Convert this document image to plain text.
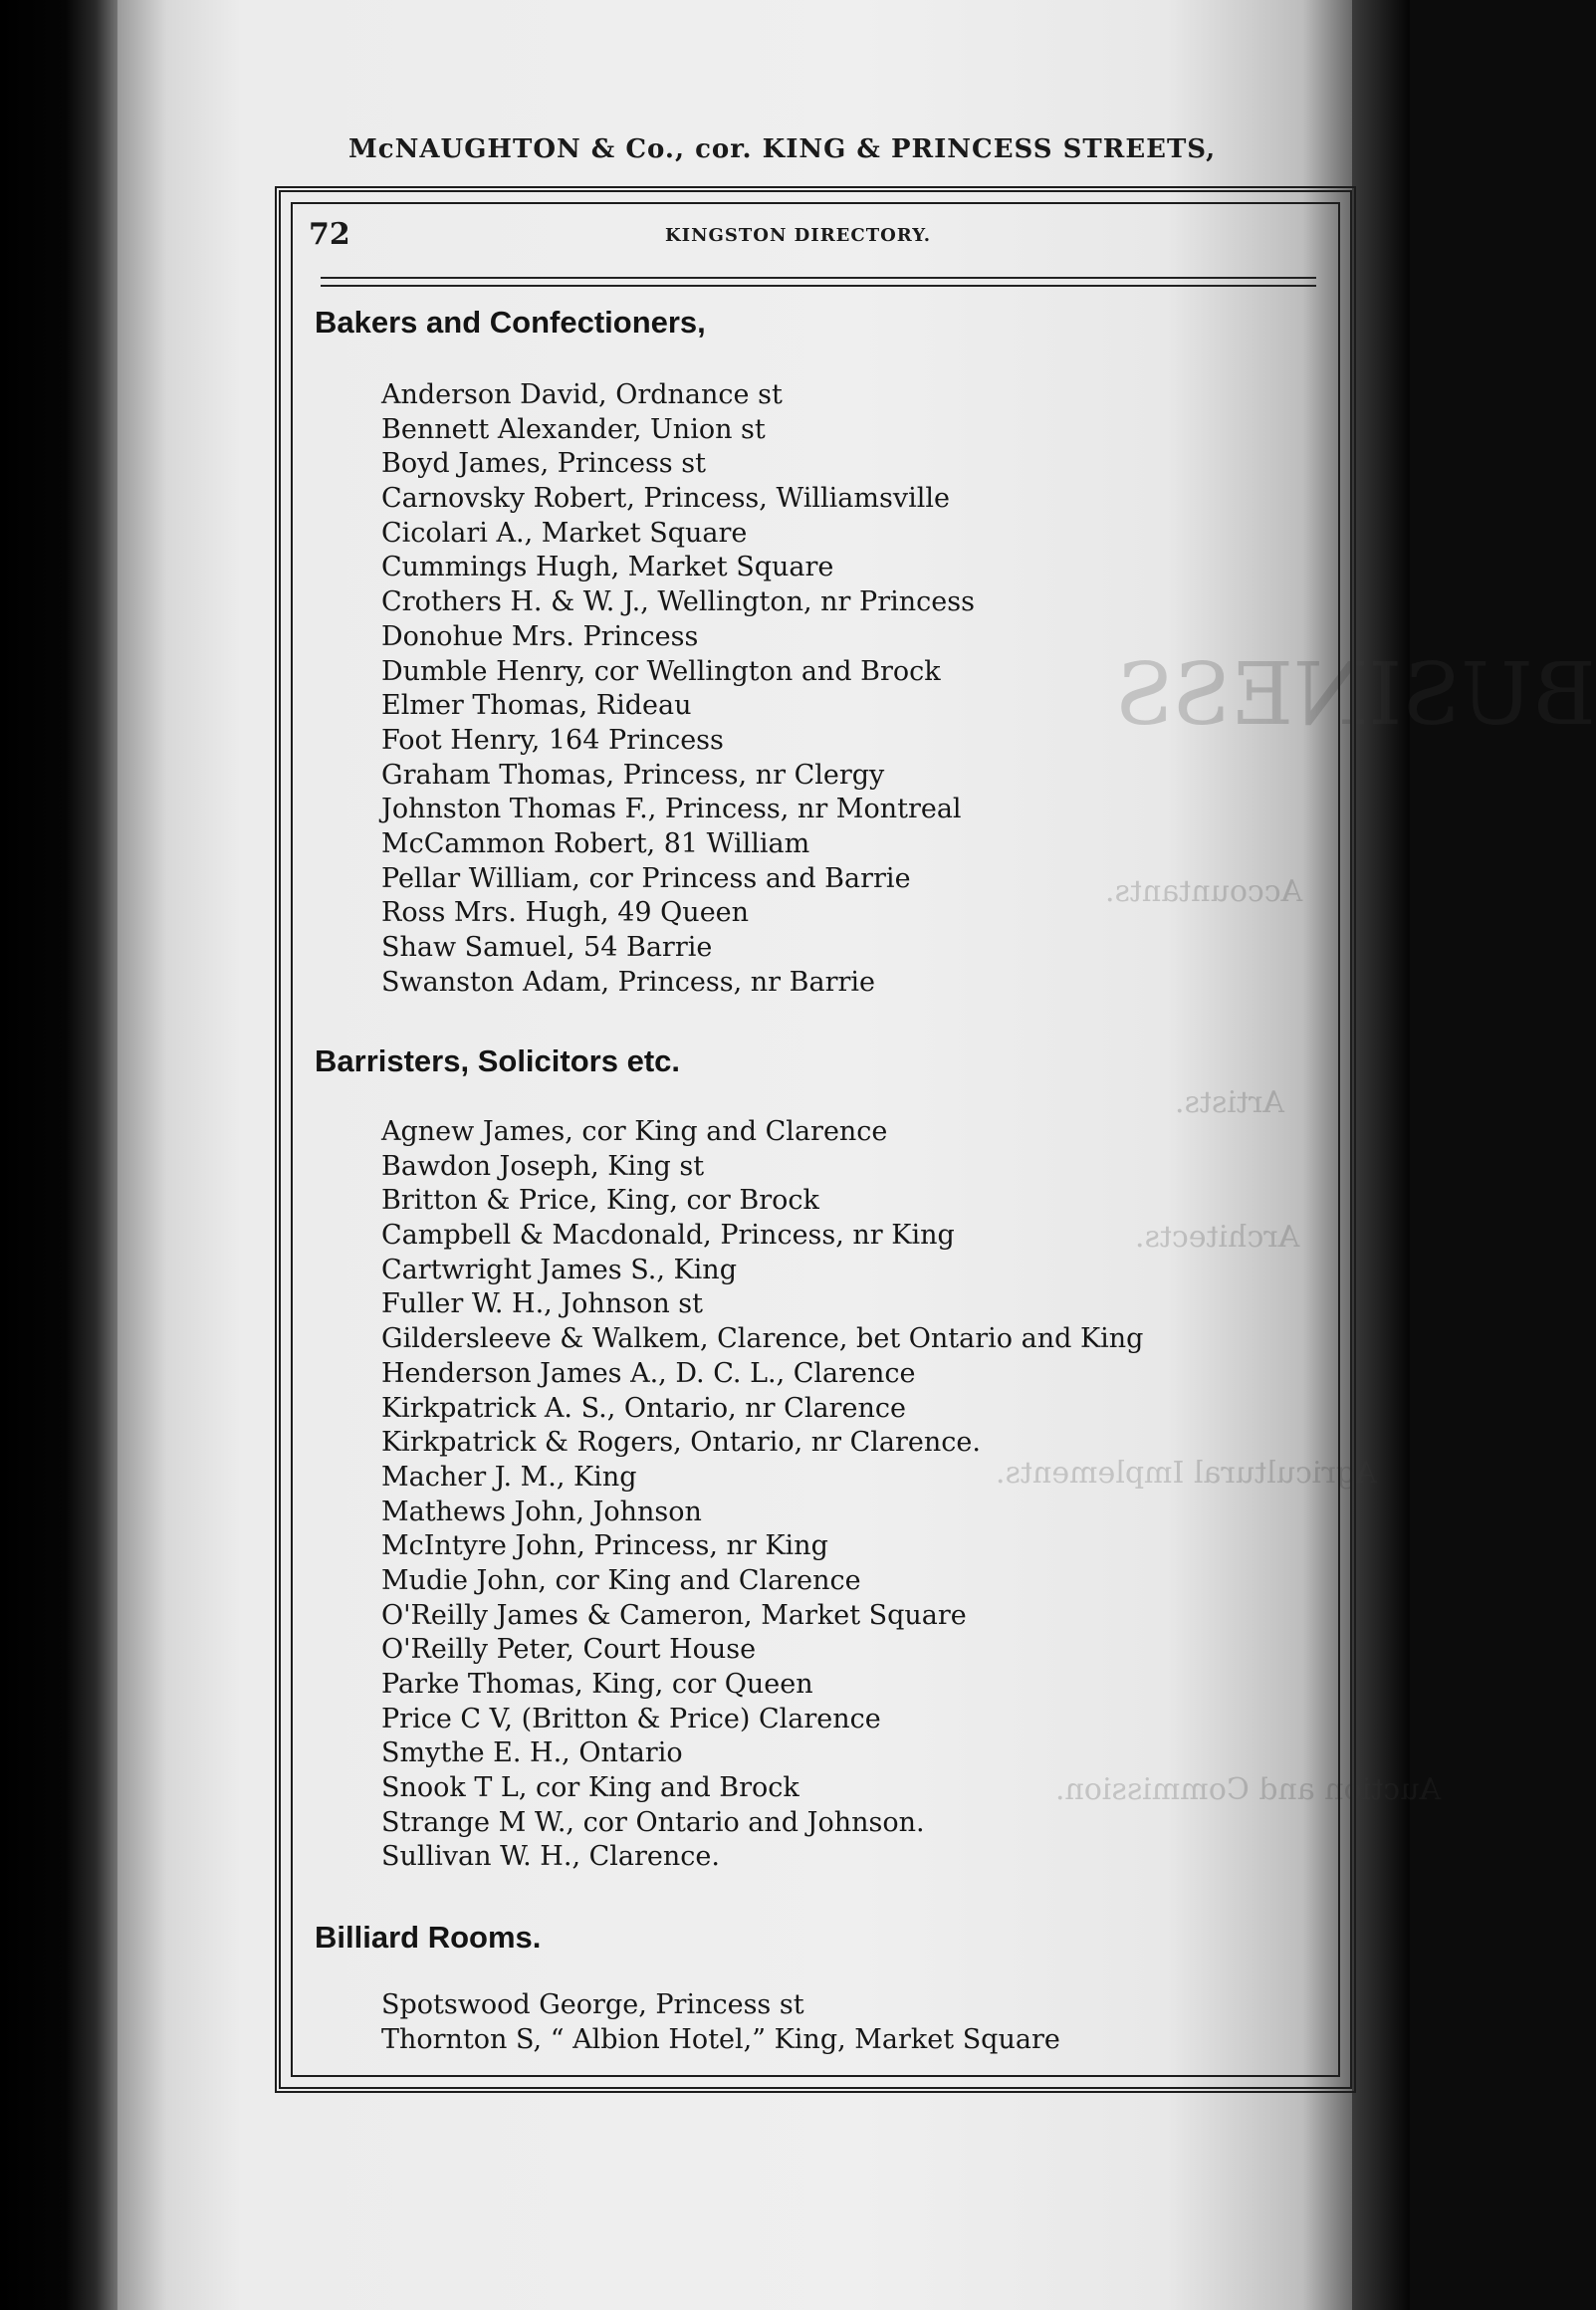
BUSINESS
Accountants.
Artists.
Architects.
Agricultural Implements.
Auction and Commission.
McNAUGHTON & Co., cor. KING & PRINCESS STREETS,
72	KINGSTON DIRECTORY.
Bakers and Confectioners,
Anderson David, Ordnance st
Bennett Alexander, Union st
Boyd James, Princess st
Carnovsky Robert, Princess, Williamsville
Cicolari A., Market Square
Cummings Hugh, Market Square
Crothers H. & W. J., Wellington, nr Princess
Donohue Mrs. Princess
Dumble Henry, cor Wellington and Brock
Elmer Thomas, Rideau
Foot Henry, 164 Princess
Graham Thomas, Princess, nr Clergy
Johnston Thomas F., Princess, nr Montreal
McCammon Robert, 81 William
Pellar William, cor Princess and Barrie
Ross Mrs. Hugh, 49 Queen
Shaw Samuel, 54 Barrie
Swanston Adam, Princess, nr Barrie
Barristers, Solicitors etc.
Agnew James, cor King and Clarence
Bawdon Joseph, King st
Britton & Price, King, cor Brock
Campbell & Macdonald, Princess, nr King
Cartwright James S., King
Fuller W. H., Johnson st
Gildersleeve & Walkem, Clarence, bet Ontario and King
Henderson James A., D. C. L., Clarence
Kirkpatrick A. S., Ontario, nr Clarence
Kirkpatrick & Rogers, Ontario, nr Clarence.
Macher J. M., King
Mathews John, Johnson
McIntyre John, Princess, nr King
Mudie John, cor King and Clarence
O'Reilly James & Cameron, Market Square
O'Reilly Peter, Court House
Parke Thomas, King, cor Queen
Price C V, (Britton & Price) Clarence
Smythe E. H., Ontario
Snook T L, cor King and Brock
Strange M W., cor Ontario and Johnson.
Sullivan W. H., Clarence.
Billiard Rooms.
Spotswood George, Princess st
Thornton S, “ Albion Hotel,” King, Market Square
